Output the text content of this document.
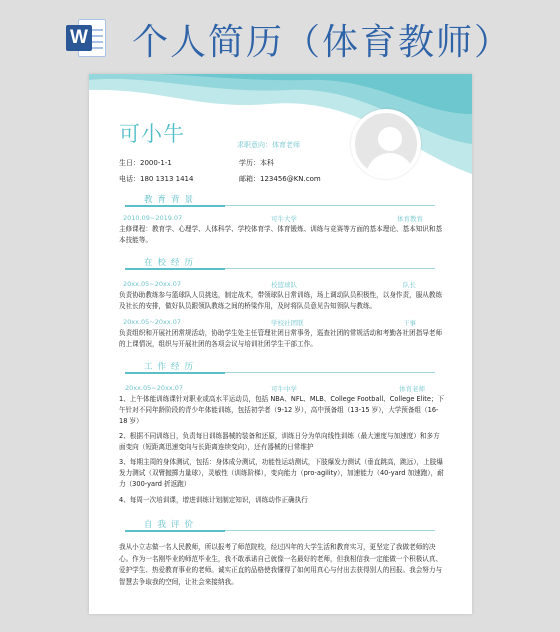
W 个人简历（体育教师）
可小牛	求职意向：体育老师
生日：2000-1-1	学历：本科
电话：180 1313 1414	邮箱：123456@KN.com
教育背景
2010.09~2019.07	可牛大学	体育教育
主修课程：教育学、心理学、人体科学、学校体育学、体育锻炼、训练与竞赛等方面的基本理论、基本知识和基本技能等。
在校经历
20xx.05~20xx.07	校篮球队	队长
负责协助教练参与篮球队人员挑选，制定战术，带领球队日常训练，场上调动队员积极性，以身作责，服从教练及社长的安排，做好队员跟领队教练之间的桥梁作用，及时将队员意见告知领队与教练。
20xx.05~20xx.07	学校社团联	干事
负责组织和开展社团常规活动，协助学生处主任管理社团日常事务，巡查社团的常规活动和考勤各社团指导老师的上课情况，组织与开展社团的各项会议与培训社团学生干部工作。
工作经历
20xx.05~20xx.07	可牛中学	体育老师
1、上午体能训练课针对职业或高水平运动员，包括 NBA、NFL、MLB、College Football、College Elite；下午针对不同年龄阶段的青少年体能训练，包括初学者（9-12 岁），高中预备组（13-15 岁），大学预备组（16-18 岁）
2、根据不同训练日，负责每日训练器械的装备和还原，训练日分为单向线性训练（最大速度与加速度）和多方面变向（短距离迅速变向与长距离连续变向），还有器械的日常维护
3、每期主周的身体测试，包括：身体成分测试，功能性运动测试，下肢爆发力测试（垂直跳高，跳远），上肢爆发力测试（双臂抛掷力量球），灵敏性（训练阶梯），变向能力（pro-agility），加速能力（40-yard 加速跑），耐力（300-yard 折返跑）
4、每周一次培训课，增进训练计划制定知识，训练动作正确执行
自我评价
我从小立志做一名人民教师，所以报考了师范院校，经过四年的大学生活和教育实习，更坚定了我做老师的决心。作为一名刚毕业的师范毕业生，我不敢承诺自己就像一名最好的老师，但我相信我一定能做一个积极认真、爱护学生、热爱教育事业的老师。诚实正直的品格使我懂得了如何用真心与付出去获得别人的回报。我会努力与智慧去争取我的空间，让社会来接纳我。
